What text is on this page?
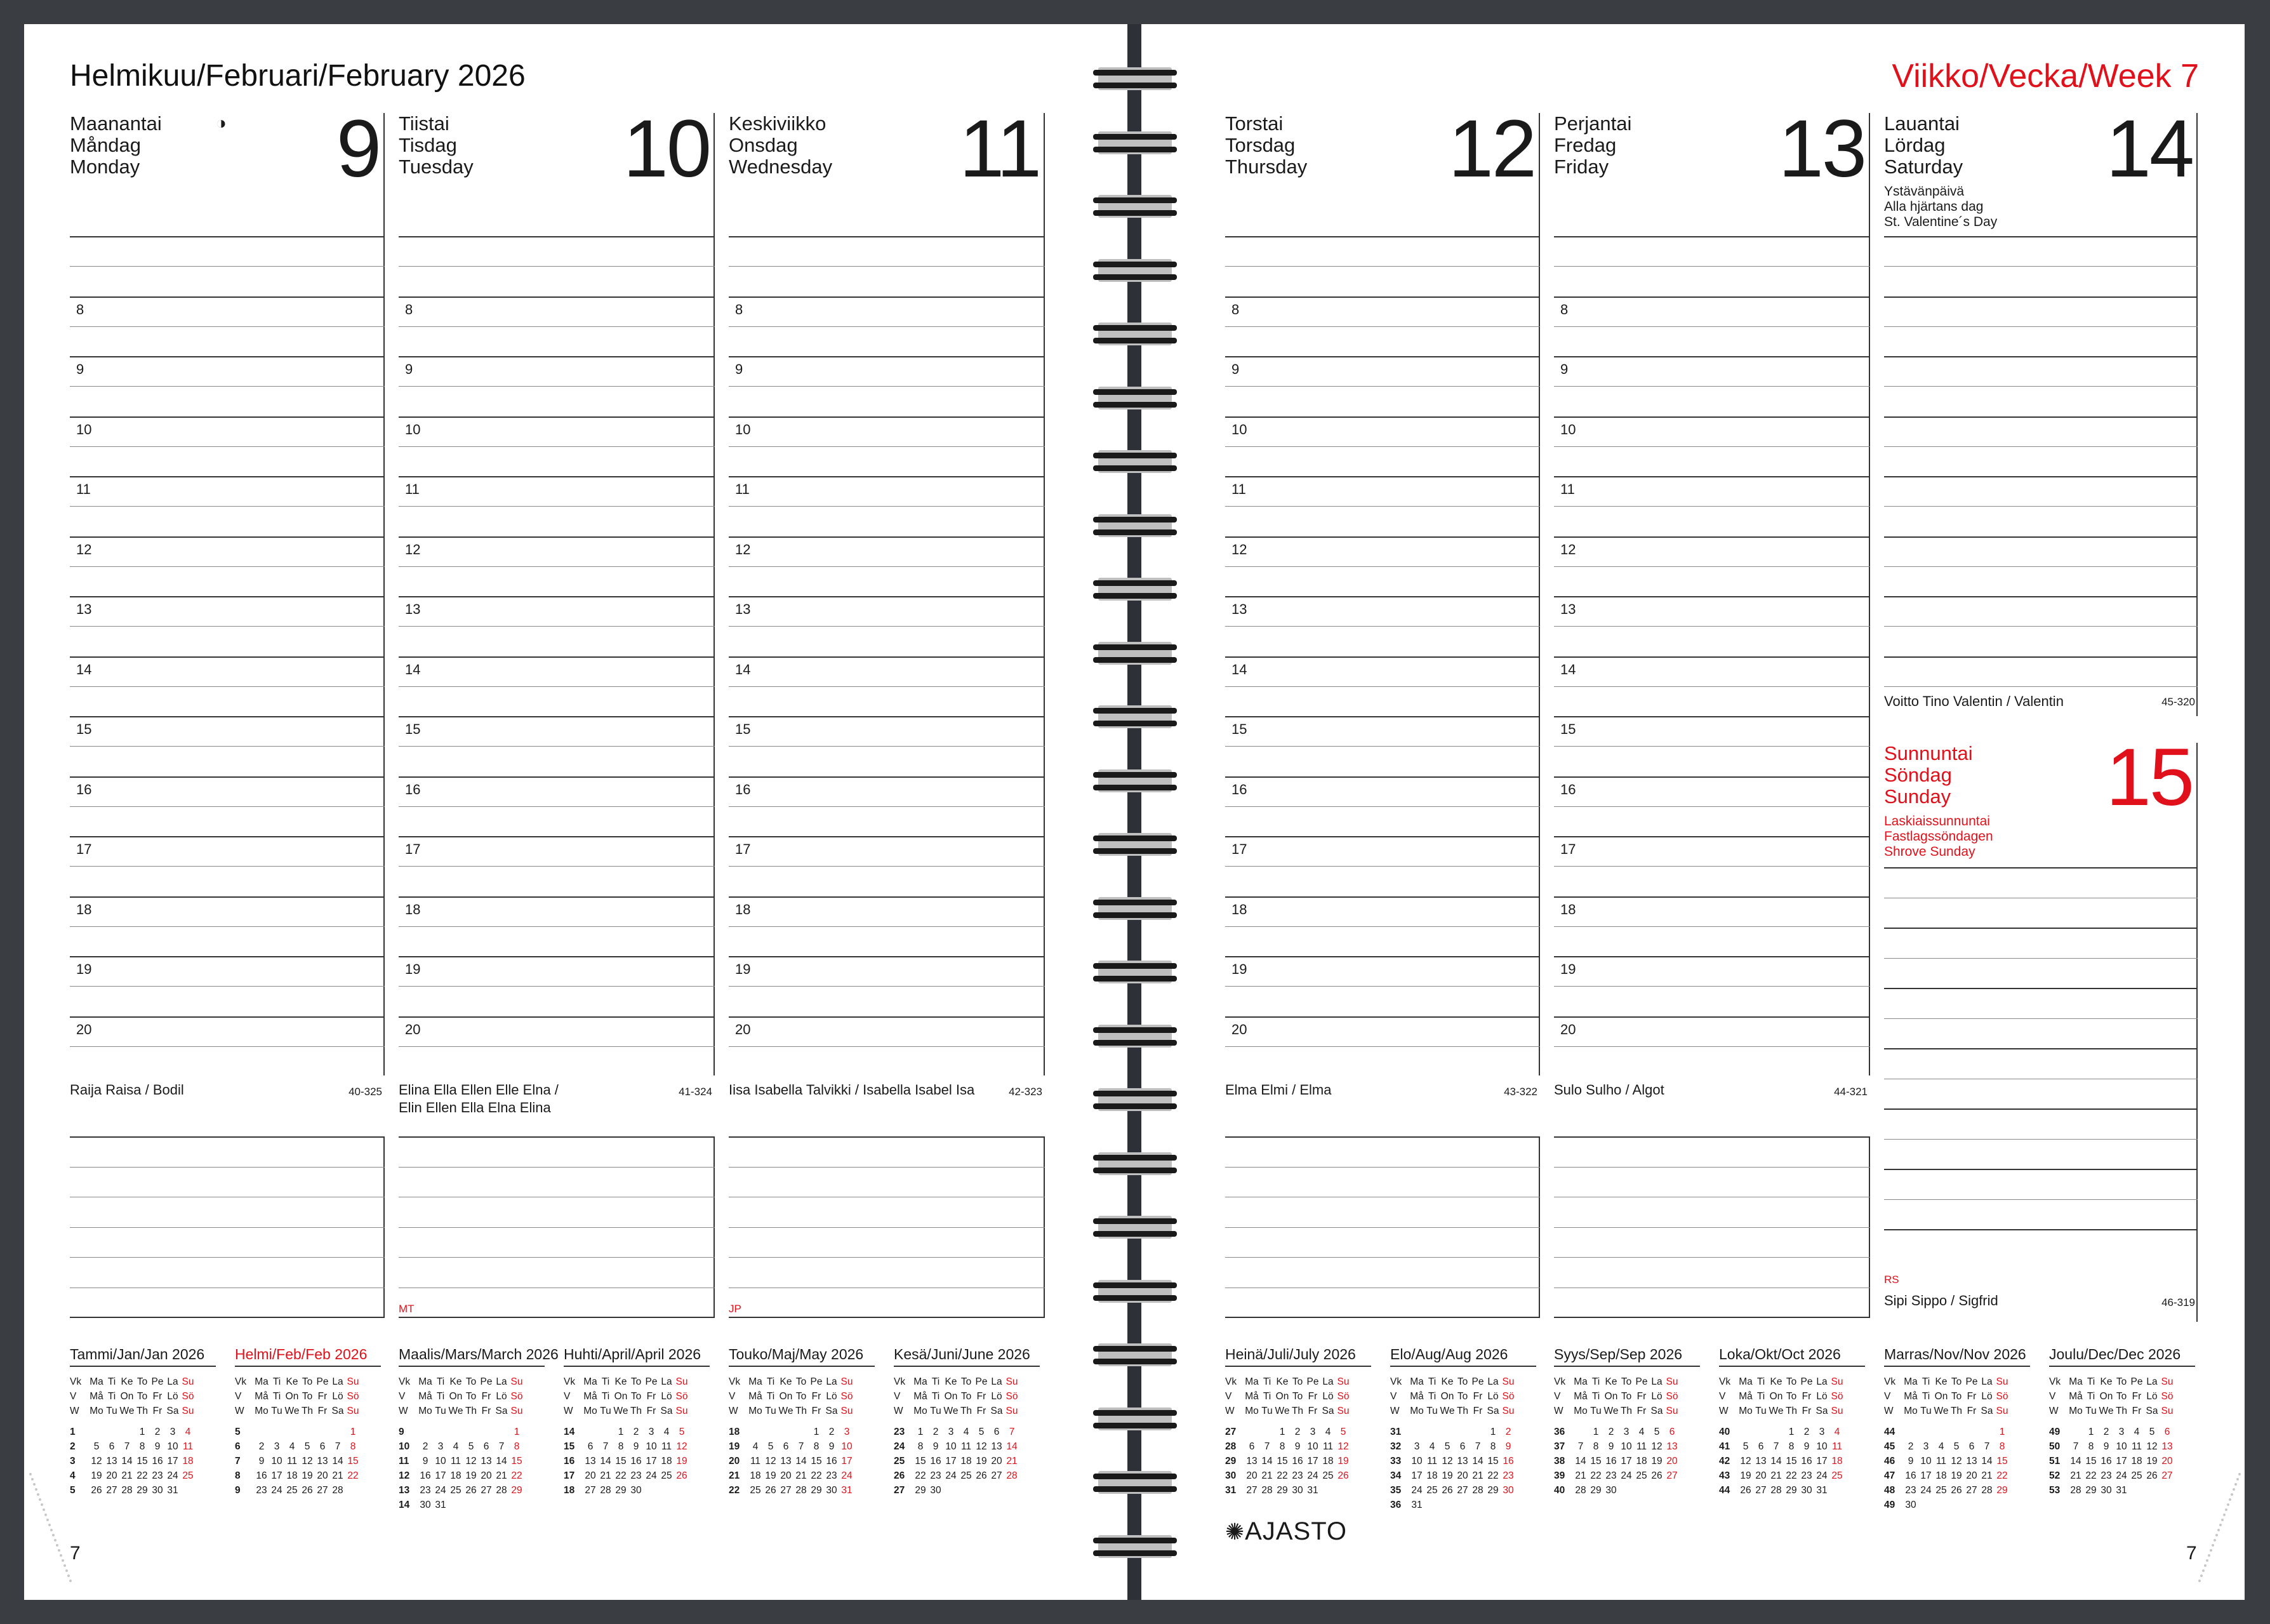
Helmikuu/Februari/February 2026	Viikko/Vecka/Week 7
Maanantai
Måndag
Monday	9
8
9
10
11
12
13
14
15
16
17
18
19
20
Raija Raisa / Bodil	40-325
Tiistai
Tisdag
Tuesday	10
8
9
10
11
12
13
14
15
16
17
18
19
20
Elina Ella Ellen Elle Elna /
Elin Ellen Ella Elna Elina
41-324
MT
Keskiviikko
Onsdag
Wednesday	11
8
9
10
11
12
13
14
15
16
17
18
19
20
Iisa Isabella Talvikki / Isabella Isabel Isa	42-323
JP
Torstai
Torsdag
Thursday	12
8
9
10
11
12
13
14
15
16
17
18
19
20
Elma Elmi / Elma	43-322
Perjantai
Fredag
Friday	13
8
9
10
11
12
13
14
15
16
17
18
19
20
Sulo Sulho / Algot	44-321
Lauantai
Lördag
Saturday	14
Ystävänpäivä
Alla hjärtans dag
St. Valentine´s Day
Voitto Tino Valentin / Valentin	45-320
Sunnuntai
Söndag
Sunday	15
Laskiaissunnuntai
Fastlagssöndagen
Shrove Sunday
RS
Sipi Sippo / Sigfrid	46-319
◑
Tammi/Jan/Jan 2026
Vk	Ma	Ti	Ke	To	Pe	La	Su
V	Må	Ti	On	To	Fr	Lö	Sö
W	Mo	Tu	We	Th	Fr	Sa	Su

1				1	2	3	4
2	5	6	7	8	9	10	11
3	12	13	14	15	16	17	18
4	19	20	21	22	23	24	25
5	26	27	28	29	30	31	
Helmi/Feb/Feb 2026
Vk	Ma	Ti	Ke	To	Pe	La	Su
V	Må	Ti	On	To	Fr	Lö	Sö
W	Mo	Tu	We	Th	Fr	Sa	Su

5							1
6	2	3	4	5	6	7	8
7	9	10	11	12	13	14	15
8	16	17	18	19	20	21	22
9	23	24	25	26	27	28	
Maalis/Mars/March 2026
Vk	Ma	Ti	Ke	To	Pe	La	Su
V	Må	Ti	On	To	Fr	Lö	Sö
W	Mo	Tu	We	Th	Fr	Sa	Su

9							1
10	2	3	4	5	6	7	8
11	9	10	11	12	13	14	15
12	16	17	18	19	20	21	22
13	23	24	25	26	27	28	29
14	30	31					
Huhti/April/April 2026
Vk	Ma	Ti	Ke	To	Pe	La	Su
V	Må	Ti	On	To	Fr	Lö	Sö
W	Mo	Tu	We	Th	Fr	Sa	Su

14			1	2	3	4	5
15	6	7	8	9	10	11	12
16	13	14	15	16	17	18	19
17	20	21	22	23	24	25	26
18	27	28	29	30			
Touko/Maj/May 2026
Vk	Ma	Ti	Ke	To	Pe	La	Su
V	Må	Ti	On	To	Fr	Lö	Sö
W	Mo	Tu	We	Th	Fr	Sa	Su

18					1	2	3
19	4	5	6	7	8	9	10
20	11	12	13	14	15	16	17
21	18	19	20	21	22	23	24
22	25	26	27	28	29	30	31
Kesä/Juni/June 2026
Vk	Ma	Ti	Ke	To	Pe	La	Su
V	Må	Ti	On	To	Fr	Lö	Sö
W	Mo	Tu	We	Th	Fr	Sa	Su

23	1	2	3	4	5	6	7
24	8	9	10	11	12	13	14
25	15	16	17	18	19	20	21
26	22	23	24	25	26	27	28
27	29	30					
Heinä/Juli/July 2026
Vk	Ma	Ti	Ke	To	Pe	La	Su
V	Må	Ti	On	To	Fr	Lö	Sö
W	Mo	Tu	We	Th	Fr	Sa	Su

27			1	2	3	4	5
28	6	7	8	9	10	11	12
29	13	14	15	16	17	18	19
30	20	21	22	23	24	25	26
31	27	28	29	30	31		
Elo/Aug/Aug 2026
Vk	Ma	Ti	Ke	To	Pe	La	Su
V	Må	Ti	On	To	Fr	Lö	Sö
W	Mo	Tu	We	Th	Fr	Sa	Su

31						1	2
32	3	4	5	6	7	8	9
33	10	11	12	13	14	15	16
34	17	18	19	20	21	22	23
35	24	25	26	27	28	29	30
36	31						
Syys/Sep/Sep 2026
Vk	Ma	Ti	Ke	To	Pe	La	Su
V	Må	Ti	On	To	Fr	Lö	Sö
W	Mo	Tu	We	Th	Fr	Sa	Su

36		1	2	3	4	5	6
37	7	8	9	10	11	12	13
38	14	15	16	17	18	19	20
39	21	22	23	24	25	26	27
40	28	29	30				
Loka/Okt/Oct 2026
Vk	Ma	Ti	Ke	To	Pe	La	Su
V	Må	Ti	On	To	Fr	Lö	Sö
W	Mo	Tu	We	Th	Fr	Sa	Su

40				1	2	3	4
41	5	6	7	8	9	10	11
42	12	13	14	15	16	17	18
43	19	20	21	22	23	24	25
44	26	27	28	29	30	31	
Marras/Nov/Nov 2026
Vk	Ma	Ti	Ke	To	Pe	La	Su
V	Må	Ti	On	To	Fr	Lö	Sö
W	Mo	Tu	We	Th	Fr	Sa	Su

44							1
45	2	3	4	5	6	7	8
46	9	10	11	12	13	14	15
47	16	17	18	19	20	21	22
48	23	24	25	26	27	28	29
49	30						
Joulu/Dec/Dec 2026
Vk	Ma	Ti	Ke	To	Pe	La	Su
V	Må	Ti	On	To	Fr	Lö	Sö
W	Mo	Tu	We	Th	Fr	Sa	Su

49		1	2	3	4	5	6
50	7	8	9	10	11	12	13
51	14	15	16	17	18	19	20
52	21	22	23	24	25	26	27
53	28	29	30	31			
7	7
✺AJASTO
